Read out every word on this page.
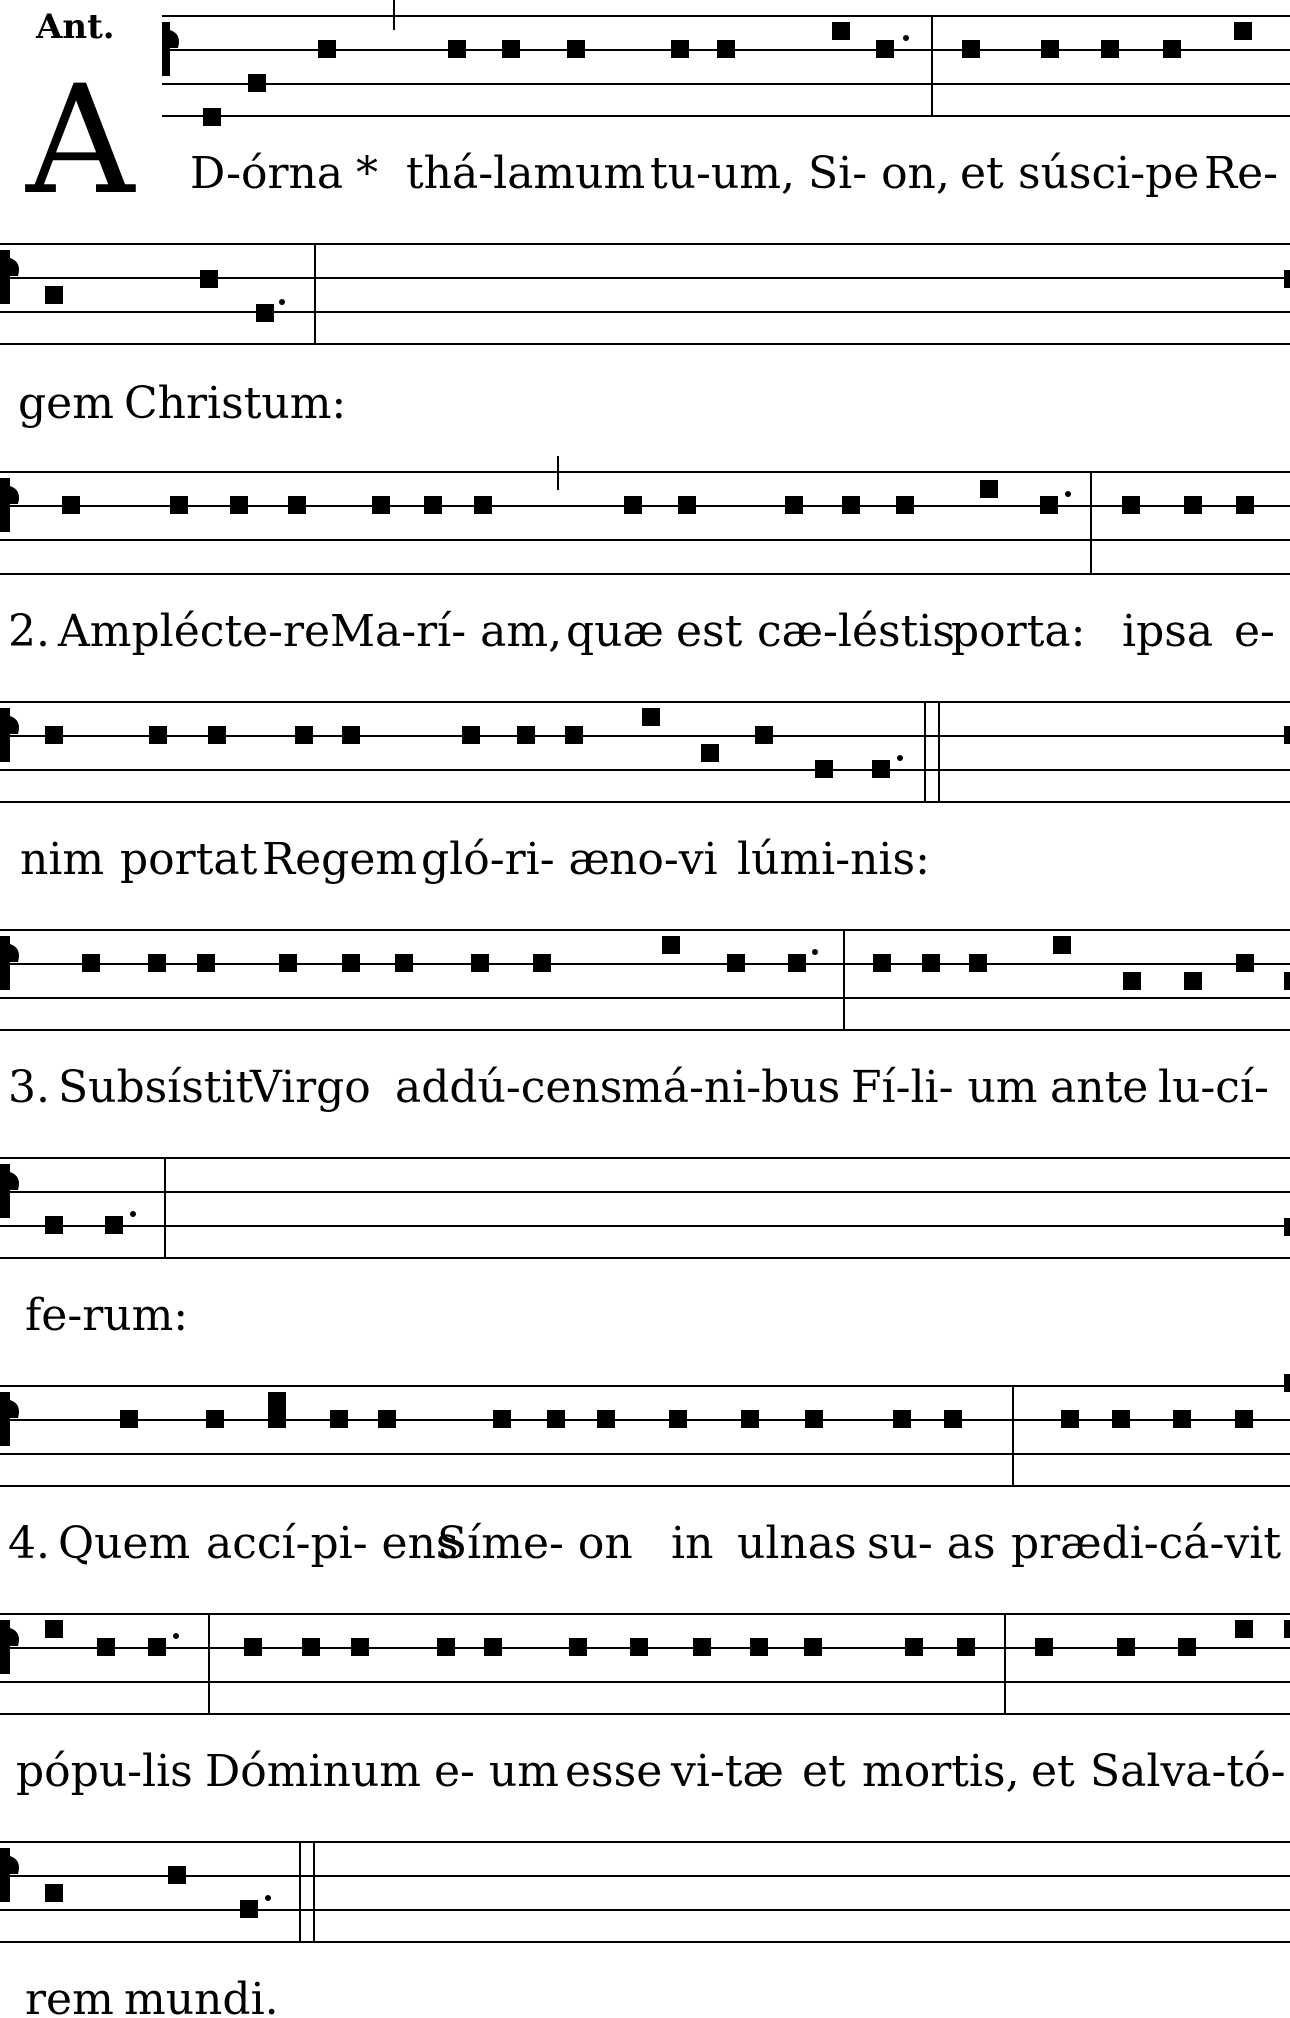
Ant.
A D-órna * thá-lamum tu-um, Si- on, et súsci-pe Re-
gem Christum:
2. Amplécte-re Ma-rí- am, quæ est cæ-léstis
porta: ipsa e-
nim portat Regem gló-ri- æ no-vi lúmi-nis:
3. Subsístit
Virgo addú-cens
má-ni-bus Fí-li- um ante lu-cí-
fe-rum:
4. Quem accí-pi- ens
Síme- on in ulnas su- as prædi-cá-vit
pópu-lis Dóminum e- um esse vi-tæ et mortis, et Salva-tó-
rem mundi.
